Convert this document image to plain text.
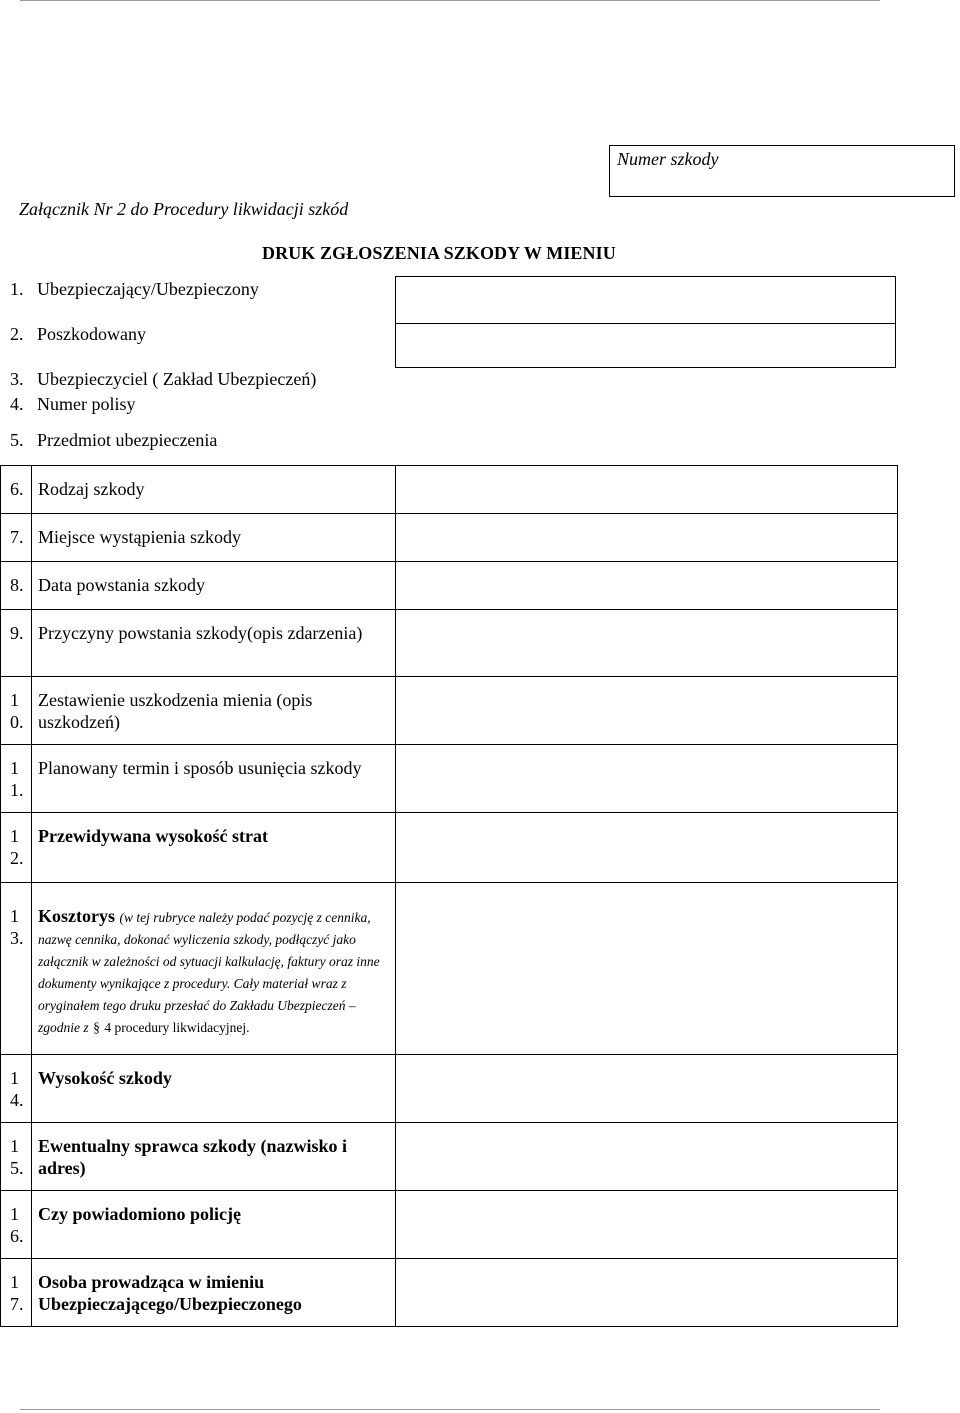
Numer szkody
Załącznik Nr 2 do Procedury likwidacji szkód
DRUK ZGŁOSZENIA SZKODY W MIENIU
1. Ubezpieczający/Ubezpieczony
2. Poszkodowany
3. Ubezpieczyciel ( Zakład Ubezpieczeń)
4. Numer polisy
5. Przedmiot ubezpieczenia
6.	Rodzaj szkody	

7.	Miejsce wystąpienia szkody	

8.	Data powstania szkody	

9.	Przyczyny powstania szkody(opis zdarzenia)	

1 0.	Zestawienie uszkodzenia mienia (opis uszkodzeń)	

1 1.	Planowany termin i sposób usunięcia szkody	

1 2.	Przewidywana wysokość strat	

1 3.	Kosztorys (w tej rubryce należy podać pozycję z cennika, nazwę cennika, dokonać wyliczenia szkody, podłączyć jako załącznik w zależności od sytuacji kalkulację, faktury oraz inne dokumenty wynikające z procedury. Cały materiał wraz z oryginałem tego druku przesłać do Zakładu Ubezpieczeń – zgodnie z § 4 procedury likwidacyjnej.	

1 4.	Wysokość szkody	

1 5.	Ewentualny sprawca szkody (nazwisko i adres)	

1 6.	Czy powiadomiono policję	

1 7.	Osoba prowadząca w imieniu Ubezpieczającego/Ubezpieczonego	
